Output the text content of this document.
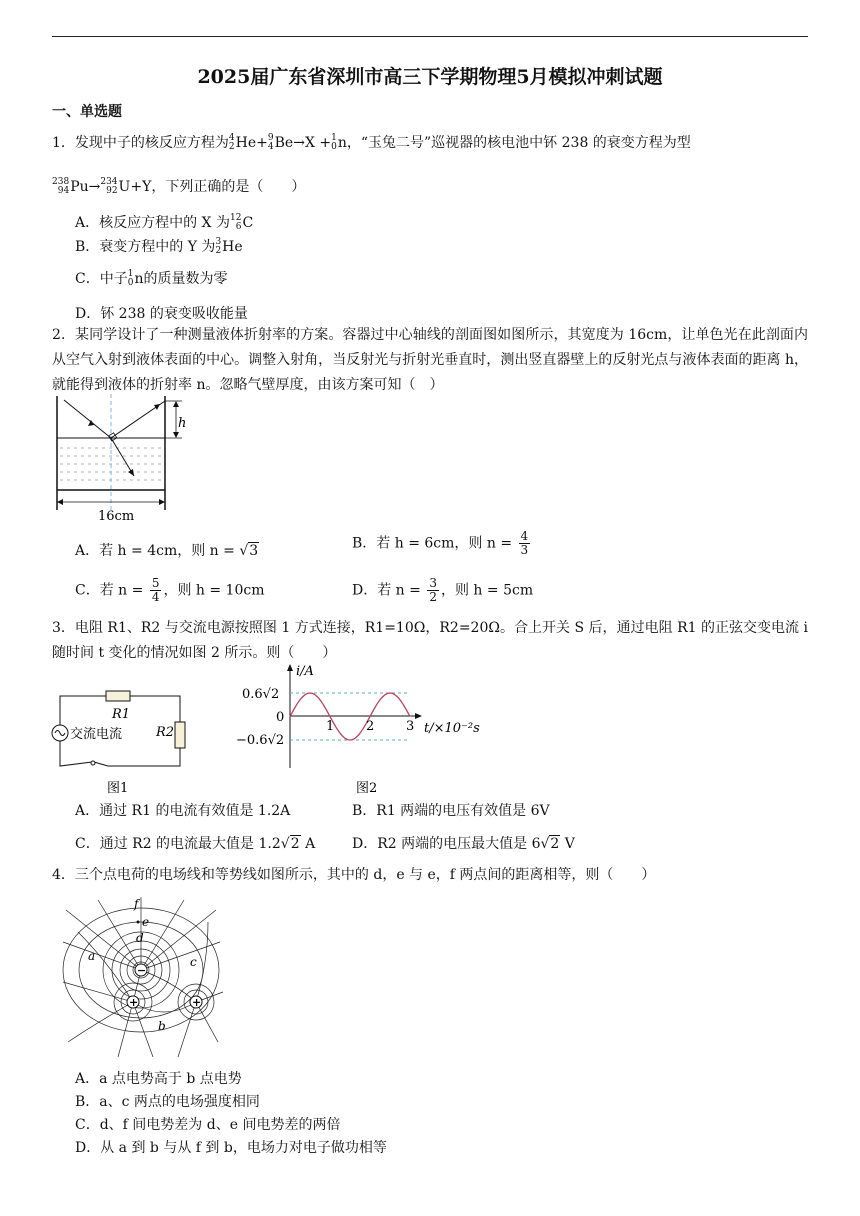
2025届广东省深圳市高三下学期物理5月模拟冲刺试题
一、单选题
1．发现中子的核反应方程为4
2He+9
4Be→X +1
0n，“玉兔二号”巡视器的核电池中钚 238 的衰变方程为型
238
94Pu→234
92U+Y，下列正确的是（　　）
A．核反应方程中的 X 为12
6C
B．衰变方程中的 Y 为3
2He
C．中子1
0n的质量数为零
D．钚 238 的衰变吸收能量
2．某同学设计了一种测量液体折射率的方案。容器过中心轴线的剖面图如图所示，其宽度为 16cm，让单色光在此剖面内从空气入射到液体表面的中心。调整入射角，当反射光与折射光垂直时，测出竖直器壁上的反射光点与液体表面的距离 h，就能得到液体的折射率 n。忽略气壁厚度，由该方案可知（　）
h
16cm
A．若 h = 4cm，则 n = √3	B．若 h = 6cm，则 $n = \frac{4}{3}$
C．若 $n = \frac{5}{4}$ ，则 h = 10cm	D．若 $n = \frac{3}{2}$ ，则 h = 5cm
3．电阻 R1、R2 与交流电源按照图 1 方式连接，R1=10Ω，R2=20Ω。合上开关 S 后，通过电阻 R1 的正弦交变电流 i 随时间 t 变化的情况如图 2 所示。则（　　）
R1
R2
交流电流
图1
i/A
0.6√2
0
−0.6√2
1 2 3 t/×10⁻²s
图2
A．通过 R1 的电流有效值是 1.2A	B．R1 两端的电压有效值是 6V
C．通过 R2 的电流最大值是 1.2√2 A	D．R2 两端的电压最大值是 6√2 V
4．三个点电荷的电场线和等势线如图所示，其中的 d，e 与 e，f 两点间的距离相等，则（　　）
−
+	+
f
e
d
a	c
b
A．a 点电势高于 b 点电势
B．a、c 两点的电场强度相同
C．d、f 间电势差为 d、e 间电势差的两倍
D．从 a 到 b 与从 f 到 b，电场力对电子做功相等
